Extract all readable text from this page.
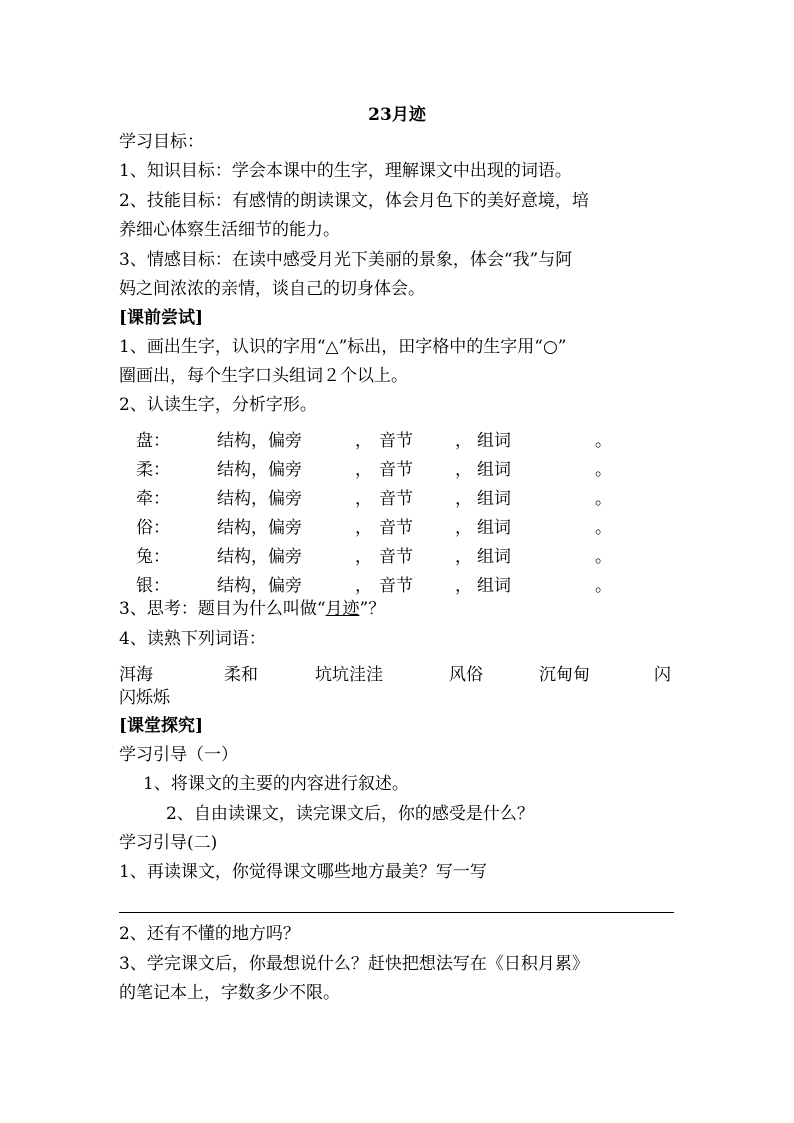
23月迹
学习目标：
1、知识目标：学会本课中的生字，理解课文中出现的词语。
2、技能目标：有感情的朗读课文，体会月色下的美好意境，培
养细心体察生活细节的能力。
3、情感目标：在读中感受月光下美丽的景象，体会“我”与阿
妈之间浓浓的亲情，谈自己的切身体会。
[课前尝试]
1、画出生字，认识的字用“△”标出，田字格中的生字用“○”
圈画出，每个生字口头组词２个以上。
2、认读生字，分析字形。
盘：	结构，偏旁	， 音节 ， 组词	。
柔：	结构，偏旁	， 音节 ， 组词	。
牵：	结构，偏旁	， 音节 ， 组词	。
俗：	结构，偏旁	， 音节 ， 组词	。
兔：	结构，偏旁	， 音节 ， 组词	。
银：	结构，偏旁	， 音节 ， 组词	。
3、思考：题目为什么叫做“月迹”？
4、读熟下列词语：
洱海	柔和	坑坑洼洼	风俗	沉甸甸	闪
闪烁烁
[课堂探究]
学习引导（一）
1、将课文的主要的内容进行叙述。
2、自由读课文，读完课文后，你的感受是什么？
学习引导(二)
1、再读课文，你觉得课文哪些地方最美？写一写
2、还有不懂的地方吗？
3、学完课文后，你最想说什么？赶快把想法写在《日积月累》
的笔记本上，字数多少不限。
